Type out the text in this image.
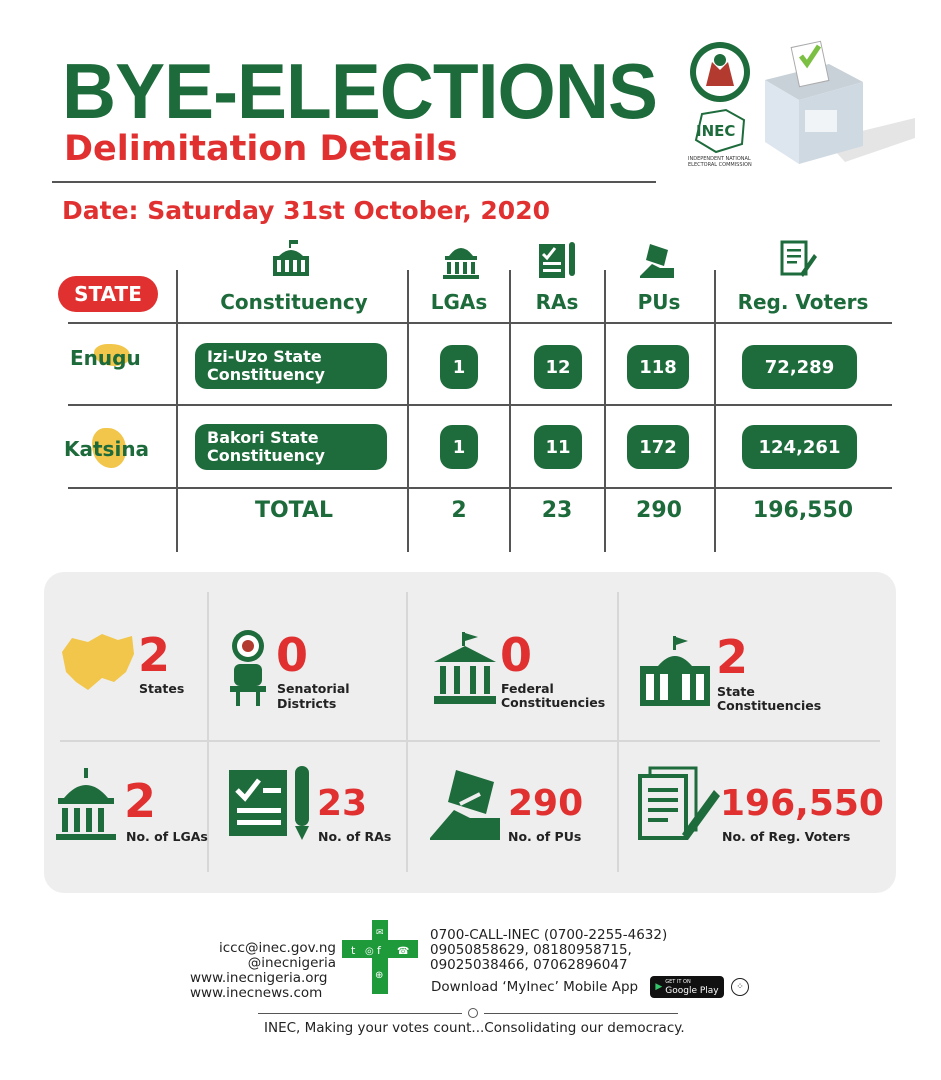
BYE-ELECTIONS
Delimitation Details
Date: Saturday 31st October, 2020
INEC
INDEPENDENT NATIONAL ELECTORAL COMMISSION
STATE	Constituency	LGAs	RAs	PUs	Reg. Voters
Enugu	Izi-Uzo State Constituency	1	12	118	72,289
Katsina	Bakori State Constituency	1	11	172	124,261
TOTAL	2	23	290	196,550
2
States
0
Senatorial
Districts
0
Federal
Constituencies
2
State
Constituencies
2
No. of LGAs
23
No. of RAs
290
No. of PUs
196,550
No. of Reg. Voters
iccc@inec.gov.ng
@inecnigeria
www.inecnigeria.org
www.inecnews.com
t ◎ f ☎
✉
⊕
0700-CALL-INEC (0700-2255-4632)
09050858629, 08180958715,
09025038466, 07062896047
Download ‘MyInec’ Mobile App ▶ GET IT ON
Google Play	⁘
INEC, Making your votes count...Consolidating our democracy.
